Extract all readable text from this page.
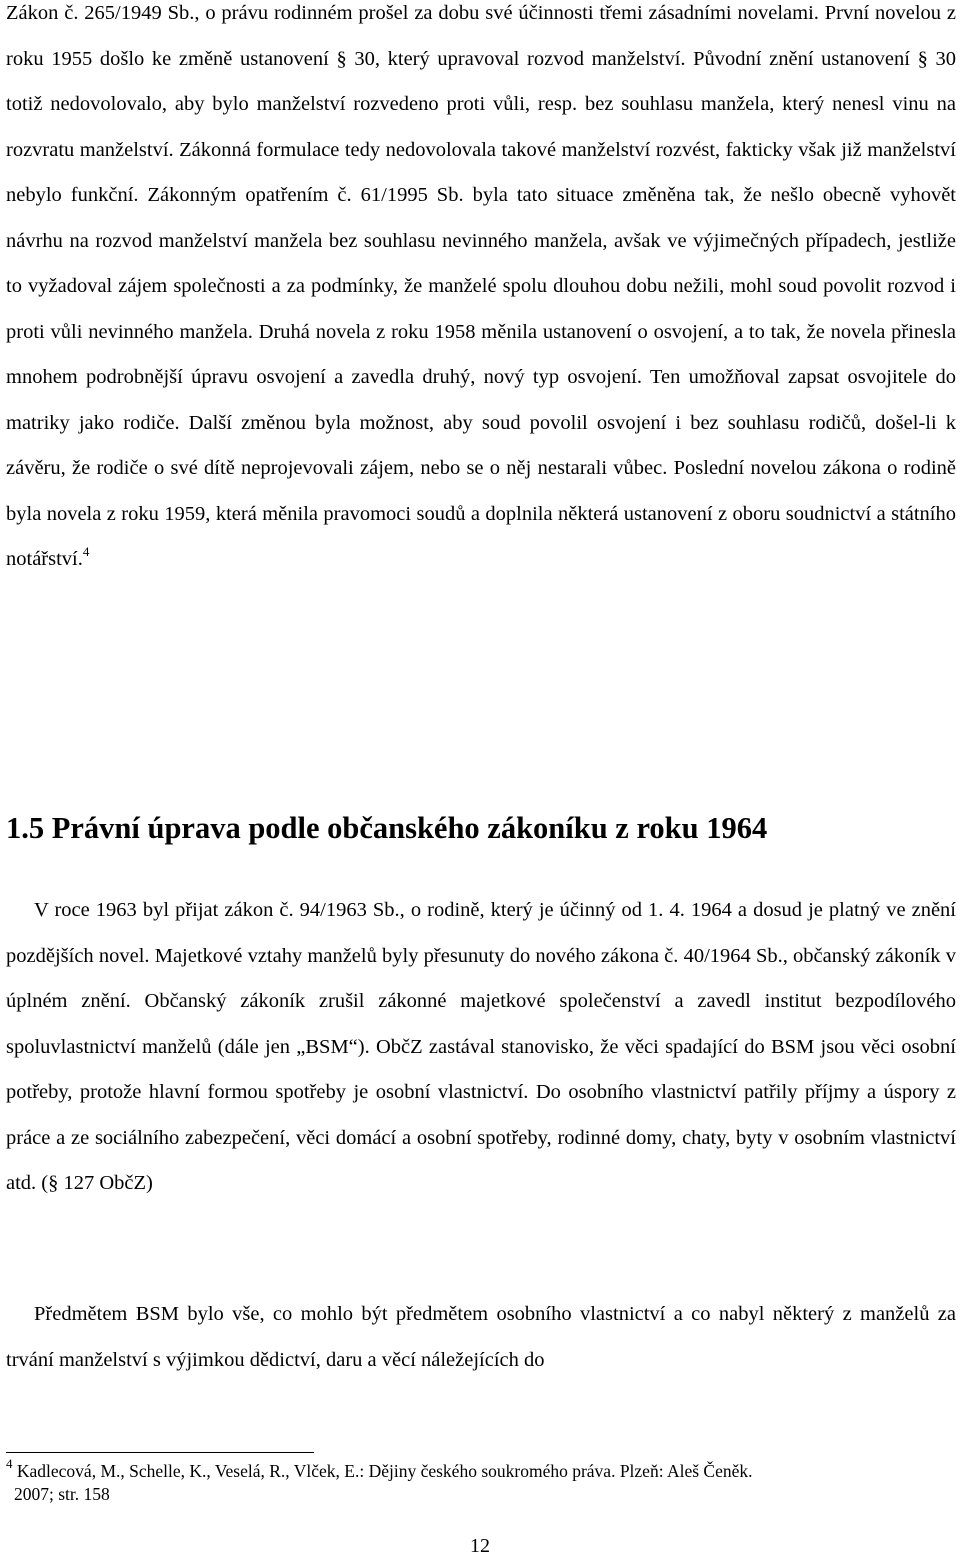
Zákon č. 265/1949 Sb., o právu rodinném prošel za dobu své účinnosti třemi zásadními novelami. První novelou z roku 1955 došlo ke změně ustanovení § 30, který upravoval rozvod manželství. Původní znění ustanovení § 30 totiž nedovolovalo, aby bylo manželství rozvedeno proti vůli, resp. bez souhlasu manžela, který nenesl vinu na rozvratu manželství. Zákonná formulace tedy nedovolovala takové manželství rozvést, fakticky však již manželství nebylo funkční. Zákonným opatřením č. 61/1995 Sb. byla tato situace změněna tak, že nešlo obecně vyhovět návrhu na rozvod manželství manžela bez souhlasu nevinného manžela, avšak ve výjimečných případech, jestliže to vyžadoval zájem společnosti a za podmínky, že manželé spolu dlouhou dobu nežili, mohl soud povolit rozvod i proti vůli nevinného manžela. Druhá novela z roku 1958 měnila ustanovení o osvojení, a to tak, že novela přinesla mnohem podrobnější úpravu osvojení a zavedla druhý, nový typ osvojení. Ten umožňoval zapsat osvojitele do matriky jako rodiče. Další změnou byla možnost, aby soud povolil osvojení i bez souhlasu rodičů, došel-li k závěru, že rodiče o své dítě neprojevovali zájem, nebo se o něj nestarali vůbec. Poslední novelou zákona o rodině byla novela z roku 1959, která měnila pravomoci soudů a doplnila některá ustanovení z oboru soudnictví a státního notářství.$^4$

1.5 Právní úprava podle občanského zákoníku z roku 1964

V roce 1963 byl přijat zákon č. 94/1963 Sb., o rodině, který je účinný od 1. 4. 1964 a dosud je platný ve znění pozdějších novel. Majetkové vztahy manželů byly přesunuty do nového zákona č. 40/1964 Sb., občanský zákoník v úplném znění. Občanský zákoník zrušil zákonné majetkové společenství a zavedl institut bezpodílového spoluvlastnictví manželů (dále jen „BSM“). ObčZ zastával stanovisko, že věci spadající do BSM jsou věci osobní potřeby, protože hlavní formou spotřeby je osobní vlastnictví. Do osobního vlastnictví patřily příjmy a úspory z práce a ze sociálního zabezpečení, věci domácí a osobní spotřeby, rodinné domy, chaty, byty v osobním vlastnictví atd. (§ 127 ObčZ)

Předmětem BSM bylo vše, co mohlo být předmětem osobního vlastnictví a co nabyl některý z manželů za trvání manželství s výjimkou dědictví, daru a věcí náležejících do

$^4$ Kadlecová, M., Schelle, K., Veselá, R., Vlček, E.: Dějiny českého soukromého práva. Plzeň: Aleš Čeněk.
2007; str. 158

12
